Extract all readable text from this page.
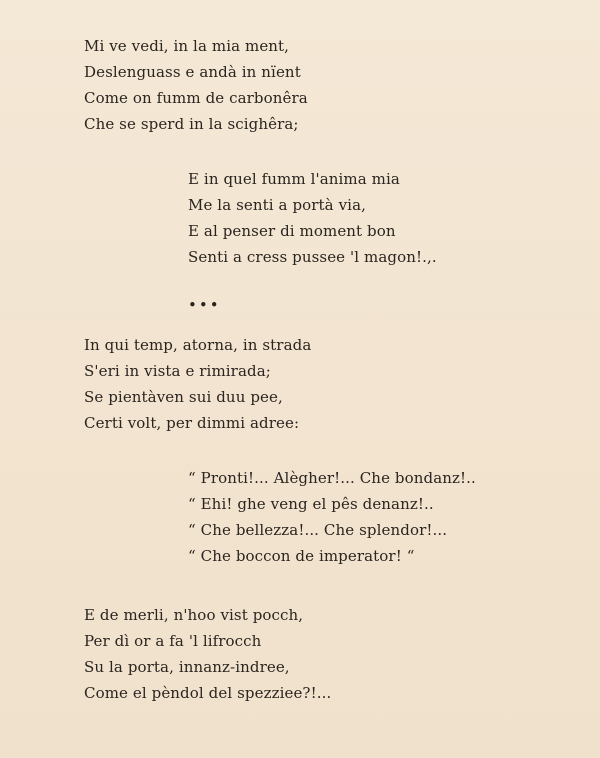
Mi ve vedi, in la mia ment,
Deslenguass e andà in nïent
Come on fumm de carbonêra
Che se sperd in la scighêra;
E in quel fumm l'anima mia
Me la senti a portà via,
E al penser di moment bon
Senti a cress pussee 'l magon!.,.
•••
In qui temp, atorna, in strada
S'eri in vista e rimirada;
Se pientàven sui duu pee,
Certi volt, per dimmi adree:
“ Pronti!... Alègher!... Che bondanz!..
“ Ehi! ghe veng el pês denanz!..
“ Che bellezza!... Che splendor!...
“ Che boccon de imperator! “
E de merli, n'hoo vist pocch,
Per dì or a fa 'l lifrocch
Su la porta, innanz-indree,
Come el pèndol del spezziee?!...
